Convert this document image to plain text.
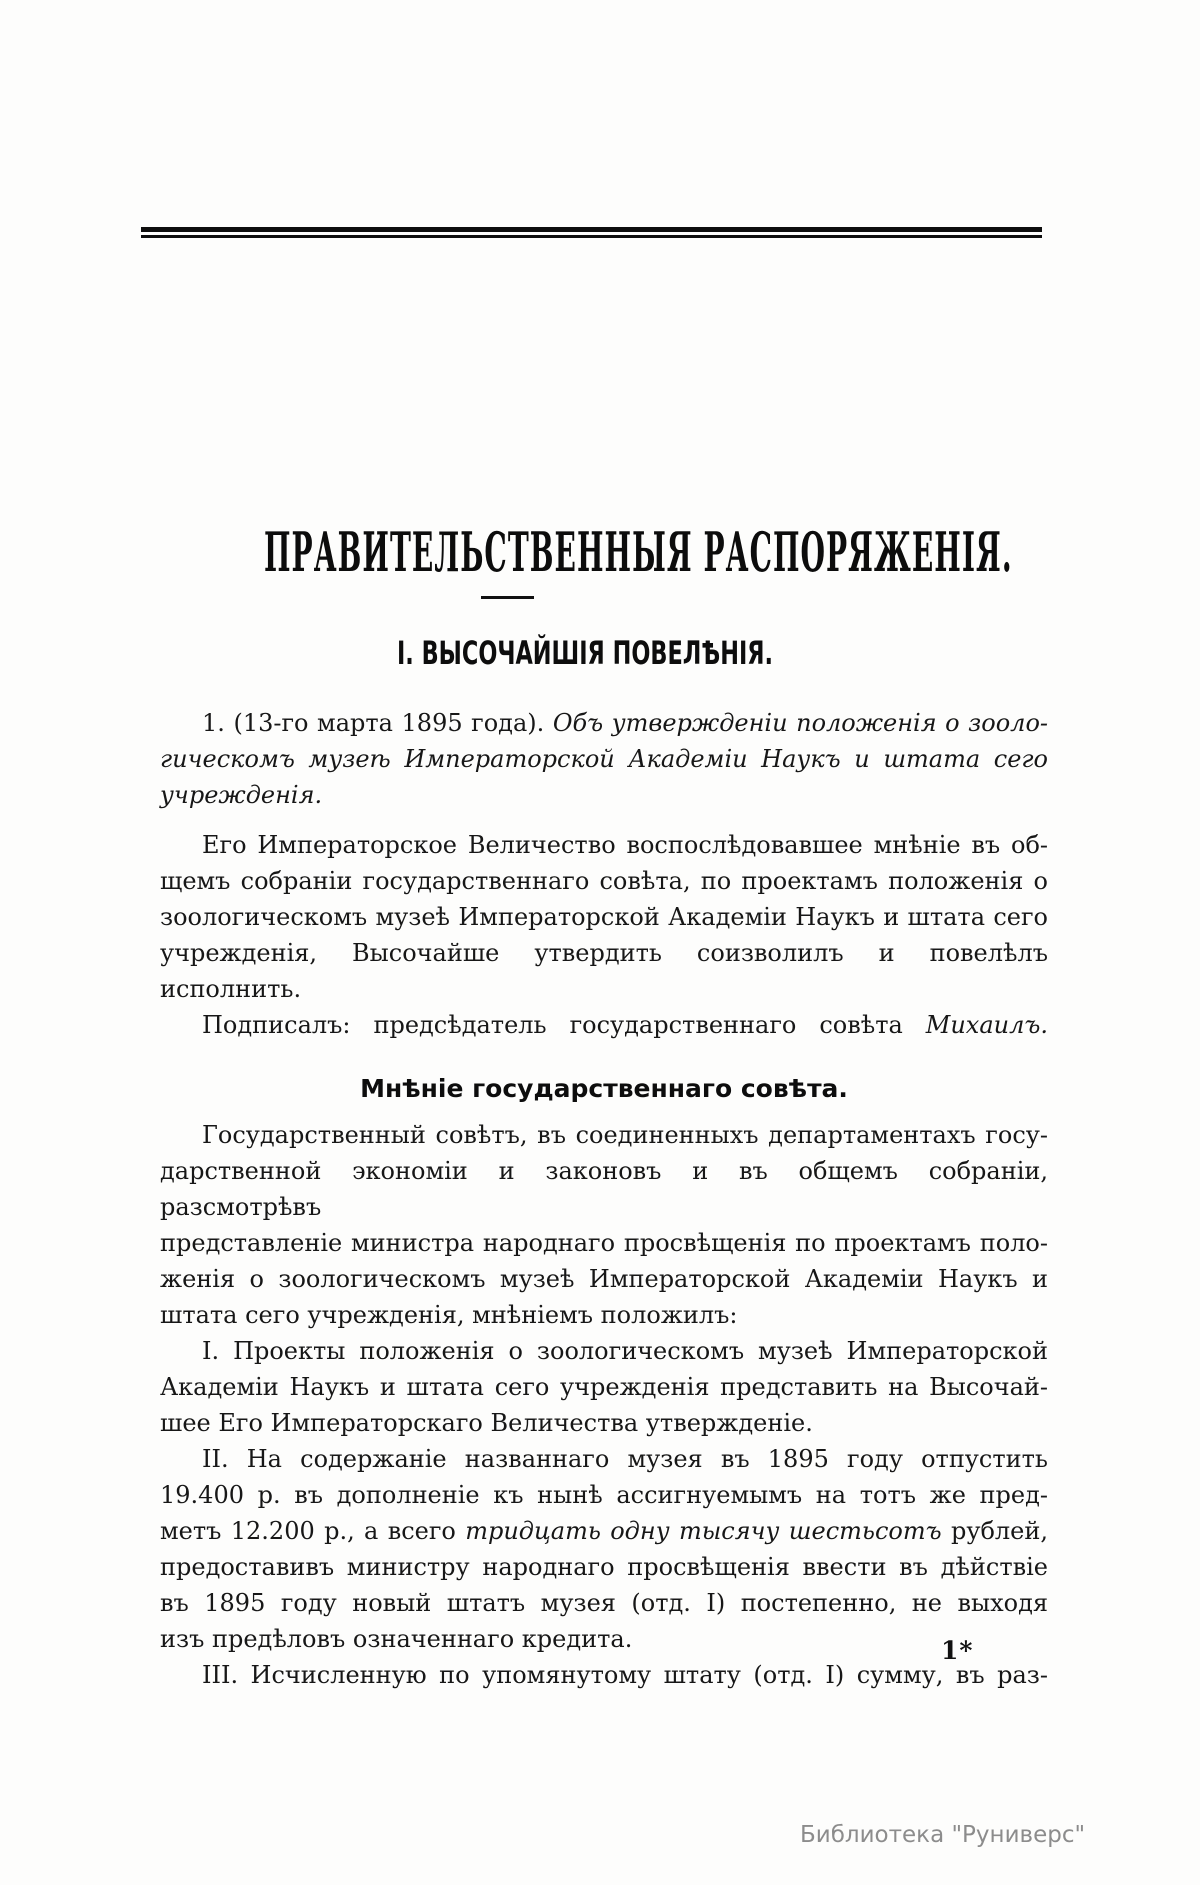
ПРАВИТЕЛЬСТВЕННЫЯ РАСПОРЯЖЕНІЯ.
І. ВЫСОЧАЙШІЯ ПОВЕЛѢНІЯ.
1. (13-го марта 1895 года). Объ утвержденіи положенія о зооло-
гическомъ музеѣ Императорской Академіи Наукъ и штата сего
учрежденія.
Его Императорское Величество воспослѣдовавшее мнѣніе въ об-
щемъ собраніи государственнаго совѣта, по проектамъ положенія о
зоологическомъ музеѣ Императорской Академіи Наукъ и штата сего
учрежденія, Высочайше утвердить соизволилъ и повелѣлъ исполнить.
Подписалъ: предсѣдатель государственнаго совѣта Михаилъ.
Мнѣніе государственнаго совѣта.
Государственный совѣтъ, въ соединенныхъ департаментахъ госу-
дарственной экономіи и законовъ и въ общемъ собраніи, разсмотрѣвъ
представленіе министра народнаго просвѣщенія по проектамъ поло-
женія о зоологическомъ музеѣ Императорской Академіи Наукъ и
штата сего учрежденія, мнѣніемъ положилъ:
I. Проекты положенія о зоологическомъ музеѣ Императорской
Академіи Наукъ и штата сего учрежденія представить на Высочай-
шее Его Императорскаго Величества утвержденіе.
II. На содержаніе названнаго музея въ 1895 году отпустить
19.400 р. въ дополненіе къ нынѣ ассигнуемымъ на тотъ же пред-
метъ 12.200 р., а всего тридцать одну тысячу шестьсотъ рублей,
предоставивъ министру народнаго просвѣщенія ввести въ дѣйствіе
въ 1895 году новый штатъ музея (отд. I) постепенно, не выходя
изъ предѣловъ означеннаго кредита.
III. Исчисленную по упомянутому штату (отд. I) сумму, въ раз-
1*
Библиотека "Руниверс"
